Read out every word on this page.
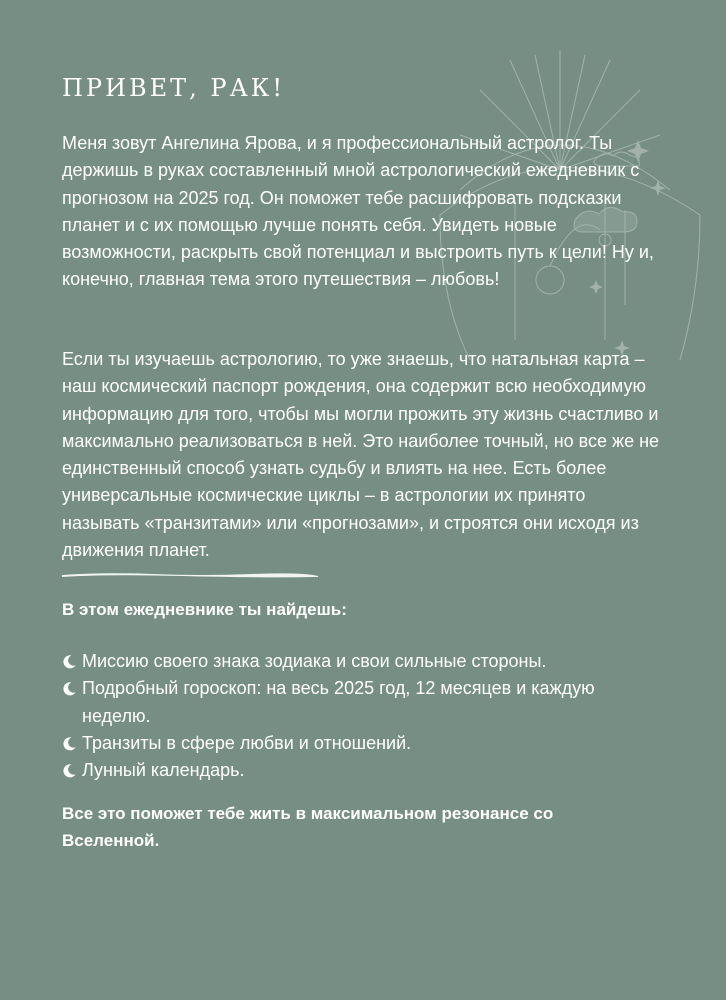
ПРИВЕТ, РАК!

Меня зовут Ангелина Ярова, и я профессиональный астролог. Ты держишь в руках составленный мной астрологический ежедневник с прогнозом на 2025 год. Он поможет тебе расшифровать подсказки планет и с их помощью лучше понять себя. Увидеть новые возможности, раскрыть свой потенциал и выстроить путь к цели! Ну и, конечно, главная тема этого путешествия – любовь!

Если ты изучаешь астрологию, то уже знаешь, что натальная карта – наш космический паспорт рождения, она содержит всю необходимую информацию для того, чтобы мы могли прожить эту жизнь счастливо и максимально реализоваться в ней. Это наиболее точный, но все же не единственный способ узнать судьбу и влиять на нее. Есть более универсальные космические циклы – в астрологии их принято называть «транзитами» или «прогнозами», и строятся они исходя из движения планет.

В этом ежедневнике ты найдешь:
Миссию своего знака зодиака и свои сильные стороны.
Подробный гороскоп: на весь 2025 год, 12 месяцев и каждую неделю.
Транзиты в сфере любви и отношений.
Лунный календарь.

Все это поможет тебе жить в максимальном резонансе со Вселенной.
